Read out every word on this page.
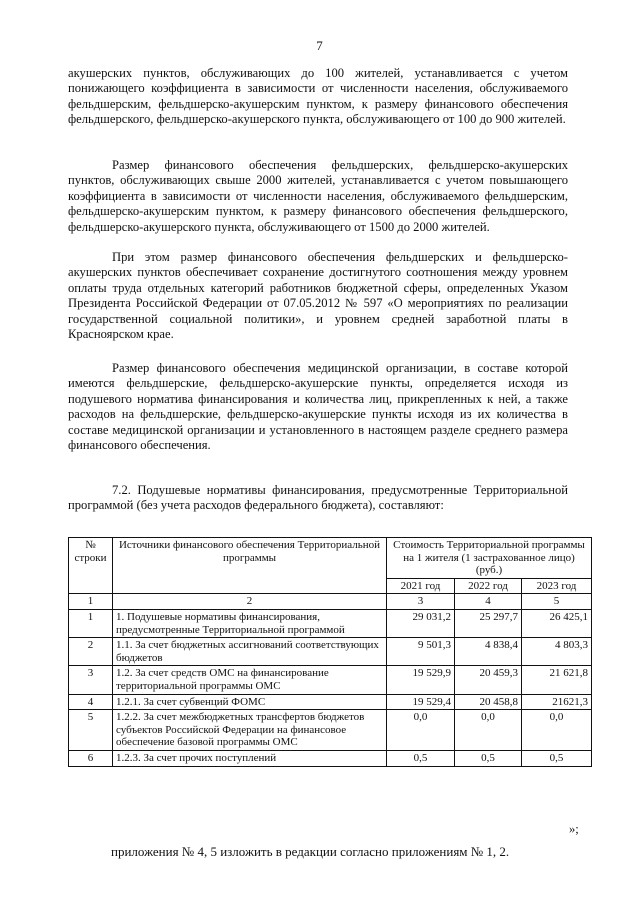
7

акушерских пунктов, обслуживающих до 100 жителей, устанавливается с учетом понижающего коэффициента в зависимости от численности населения, обслуживаемого фельдшерским, фельдшерско-акушерским пунктом, к размеру финансового обеспечения фельдшерского, фельдшерско-акушерского пункта, обслуживающего от 100 до 900 жителей.

Размер финансового обеспечения фельдшерских, фельдшерско-акушерских пунктов, обслуживающих свыше 2000 жителей, устанавливается с учетом повышающего коэффициента в зависимости от численности населения, обслуживаемого фельдшерским, фельдшерско-акушерским пунктом, к размеру финансового обеспечения фельдшерского, фельдшерско-акушерского пункта, обслуживающего от 1500 до 2000 жителей.

При этом размер финансового обеспечения фельдшерских и фельдшерско-акушерских пунктов обеспечивает сохранение достигнутого соотношения между уровнем оплаты труда отдельных категорий работников бюджетной сферы, определенных Указом Президента Российской Федерации от 07.05.2012 № 597 «О мероприятиях по реализации государственной социальной политики», и уровнем средней заработной платы в Красноярском крае.

Размер финансового обеспечения медицинской организации, в составе которой имеются фельдшерские, фельдшерско-акушерские пункты, определяется исходя из подушевого норматива финансирования и количества лиц, прикрепленных к ней, а также расходов на фельдшерские, фельдшерско-акушерские пункты исходя из их количества в составе медицинской организации и установленного в настоящем разделе среднего размера финансового обеспечения.

7.2. Подушевые нормативы финансирования, предусмотренные Территориальной программой (без учета расходов федерального бюджета), составляют:

№ строки	Источники финансового обеспечения Территориальной программы	Стоимость Территориальной программы на 1 жителя (1 застрахованное лицо) (руб.)		
		2021 год	2022 год	2023 год
1	2	3	4	5
1	1. Подушевые нормативы финансирования, предусмотренные Территориальной программой	29 031,2	25 297,7	26 425,1
2	1.1. За счет бюджетных ассигнований соответствующих бюджетов	9 501,3	4 838,4	4 803,3
3	1.2. За счет средств ОМС на финансирование территориальной программы ОМС	19 529,9	20 459,3	21 621,8
4	1.2.1. За счет субвенций ФОМС	19 529,4	20 458,8	21621,3
5	1.2.2. За счет межбюджетных трансфертов бюджетов субъектов Российской Федерации на финансовое обеспечение базовой программы ОМС	0,0	0,0	0,0
6	1.2.3. За счет прочих поступлений	0,5	0,5	0,5
»;
приложения № 4, 5 изложить в редакции согласно приложениям № 1, 2.
